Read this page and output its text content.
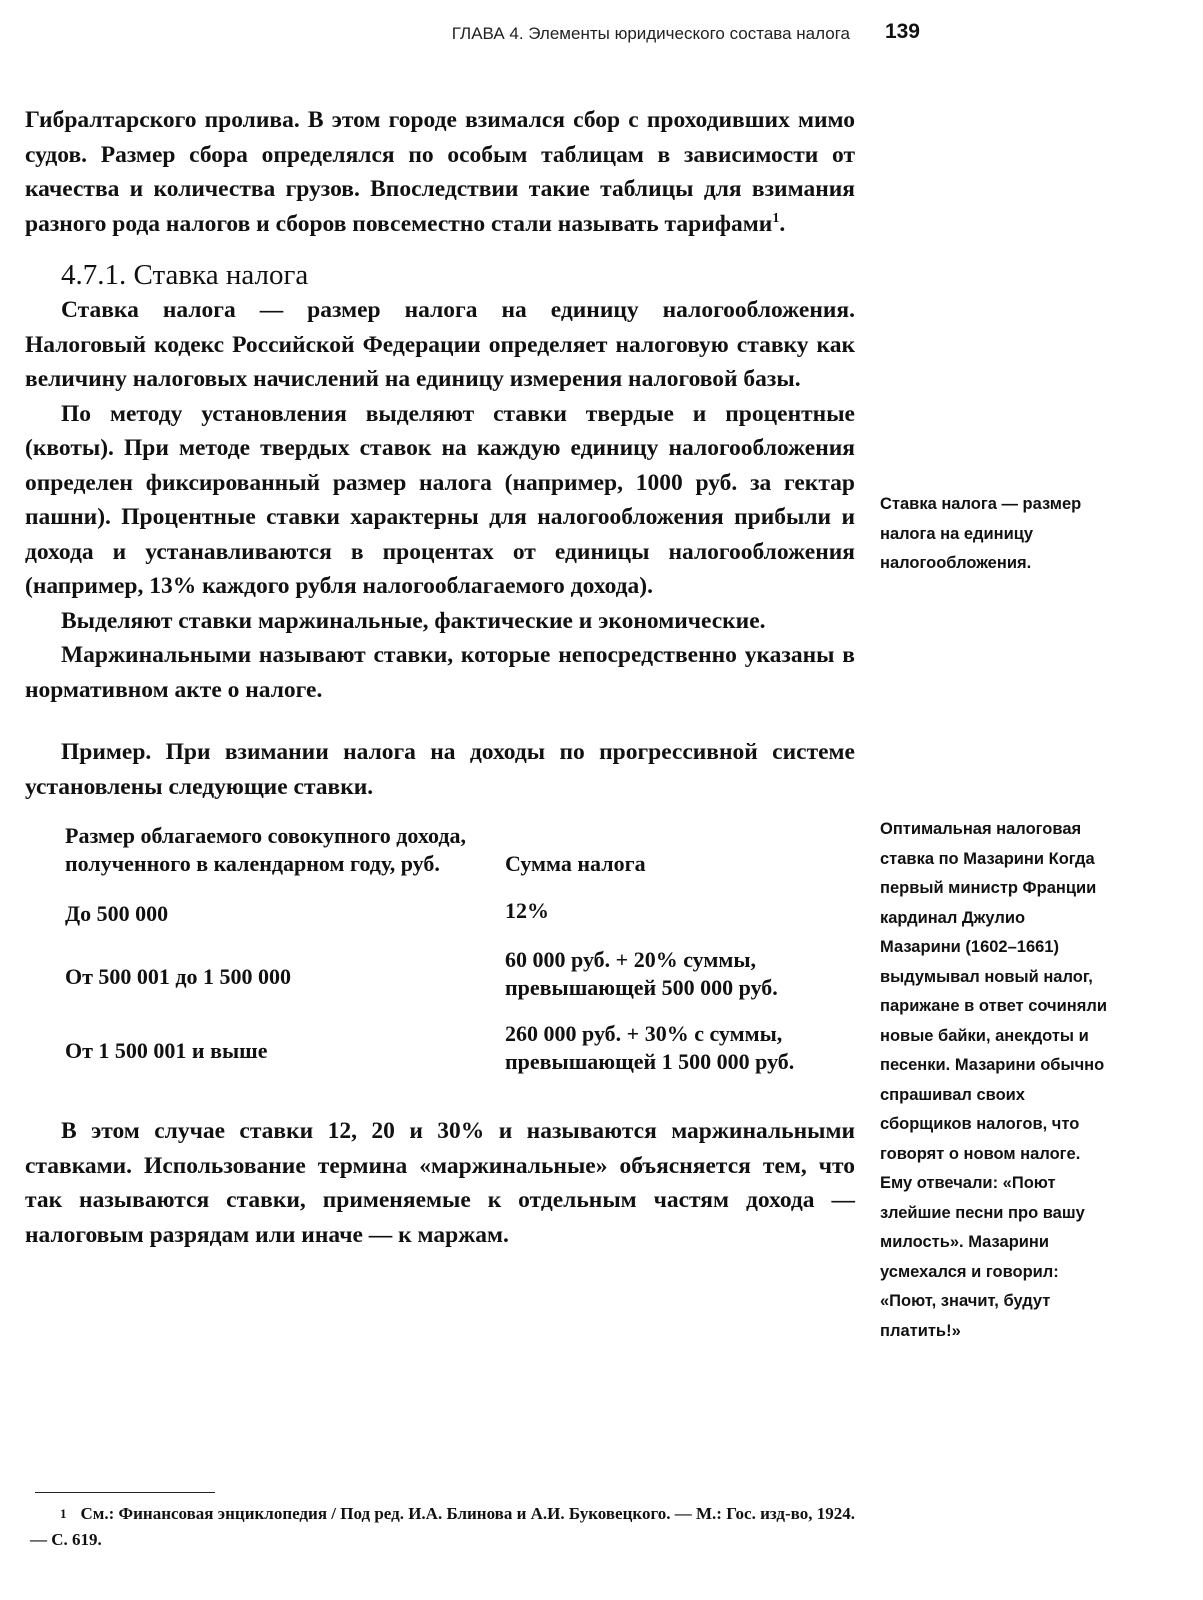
ГЛАВА 4. Элементы юридического состава налога 139

Гибралтарского пролива. В этом городе взимался сбор с проходивших мимо судов. Размер сбора определялся по особым таблицам в зависимости от качества и количества грузов. Впоследствии такие таблицы для взимания разного рода налогов и сборов повсеместно стали называть тарифами$^1$.

4.7.1. Ставка налога

Ставка налога — размер налога на единицу налогообложения. Налоговый кодекс Российской Федерации определяет налоговую ставку как величину налоговых начислений на единицу измерения налоговой базы.

По методу установления выделяют ставки твердые и процентные (квоты). При методе твердых ставок на каждую единицу налогообложения определен фиксированный размер налога (например, 1000 руб. за гектар пашни). Процентные ставки характерны для налогообложения прибыли и дохода и устанавливаются в процентах от единицы налогообложения (например, 13% каждого рубля налогооблагаемого дохода).

Выделяют ставки маржинальные, фактические и экономические.

Маржинальными называют ставки, которые непосредственно указаны в нормативном акте о налоге.

Пример. При взимании налога на доходы по прогрессивной системе установлены следующие ставки.

Размер облагаемого совокупного дохода, полученного в календарном году, руб.	Сумма налога
До 500 000	12%
От 500 001 до 1 500 000	60 000 руб. + 20% суммы, превышающей 500 000 руб.
От 1 500 001 и выше	260 000 руб. + 30% с суммы, превышающей 1 500 000 руб.

В этом случае ставки 12, 20 и 30% и называются маржинальными ставками. Использование термина «маржинальные» объясняется тем, что так называются ставки, применяемые к отдельным частям дохода — налоговым разрядам или иначе — к маржам.

Ставка налога — размер налога на единицу налогообложения.

Оптимальная налоговая ставка по Мазарини Когда первый министр Франции кардинал Джулио Мазарини (1602–1661) выдумывал новый налог, парижане в ответ сочиняли новые байки, анекдоты и песенки. Мазарини обычно спрашивал своих сборщиков налогов, что говорят о новом налоге. Ему отвечали: «Поют злейшие песни про вашу милость». Мазарини усмехался и говорил: «Поют, значит, будут платить!»

1 См.: Финансовая энциклопедия / Под ред. И.А. Блинова и А.И. Буковецкого. — М.: Гос. изд-во, 1924. — С. 619.
